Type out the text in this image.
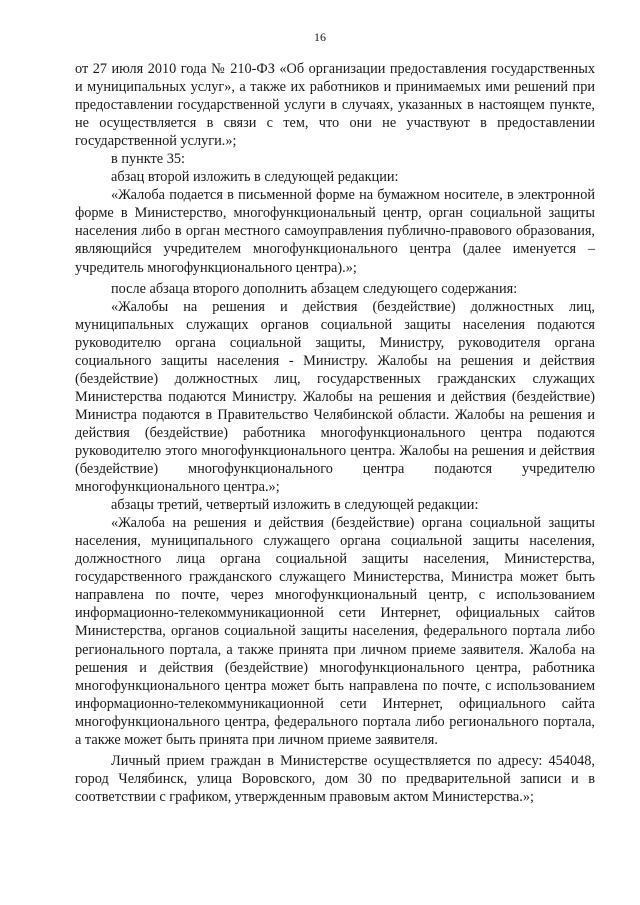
16

от 27 июля 2010 года № 210-ФЗ «Об организации предоставления государственных и муниципальных услуг», а также их работников и принимаемых ими решений при предоставлении государственной услуги в случаях, указанных в настоящем пункте, не осуществляется в связи с тем, что они не участвуют в предоставлении государственной услуги.»;

в пункте 35:

абзац второй изложить в следующей редакции:

«Жалоба подается в письменной форме на бумажном носителе, в электронной форме в Министерство, многофункциональный центр, орган социальной защиты населения либо в орган местного самоуправления публично-правового образования, являющийся учредителем многофункционального центра (далее именуется – учредитель многофункционального центра).»;

после абзаца второго дополнить абзацем следующего содержания:

«Жалобы на решения и действия (бездействие) должностных лиц, муниципальных служащих органов социальной защиты населения подаются руководителю органа социальной защиты, Министру, руководителя органа социального защиты населения - Министру. Жалобы на решения и действия (бездействие) должностных лиц, государственных гражданских служащих Министерства подаются Министру. Жалобы на решения и действия (бездействие) Министра подаются в Правительство Челябинской области. Жалобы на решения и действия (бездействие) работника многофункционального центра подаются руководителю этого многофункционального центра. Жалобы на решения и действия (бездействие) многофункционального центра подаются учредителю многофункционального центра.»;

абзацы третий, четвертый изложить в следующей редакции:

«Жалоба на решения и действия (бездействие) органа социальной защиты населения, муниципального служащего органа социальной защиты населения, должностного лица органа социальной защиты населения, Министерства, государственного гражданского служащего Министерства, Министра может быть направлена по почте, через многофункциональный центр, с использованием информационно-телекоммуникационной сети Интернет, официальных сайтов Министерства, органов социальной защиты населения, федерального портала либо регионального портала, а также принята при личном приеме заявителя. Жалоба на решения и действия (бездействие) многофункционального центра, работника многофункционального центра может быть направлена по почте, с использованием информационно-телекоммуникационной сети Интернет, официального сайта многофункционального центра, федерального портала либо регионального портала, а также может быть принята при личном приеме заявителя.

Личный прием граждан в Министерстве осуществляется по адресу: 454048, город Челябинск, улица Воровского, дом 30 по предварительной записи и в соответствии с графиком, утвержденным правовым актом Министерства.»;
